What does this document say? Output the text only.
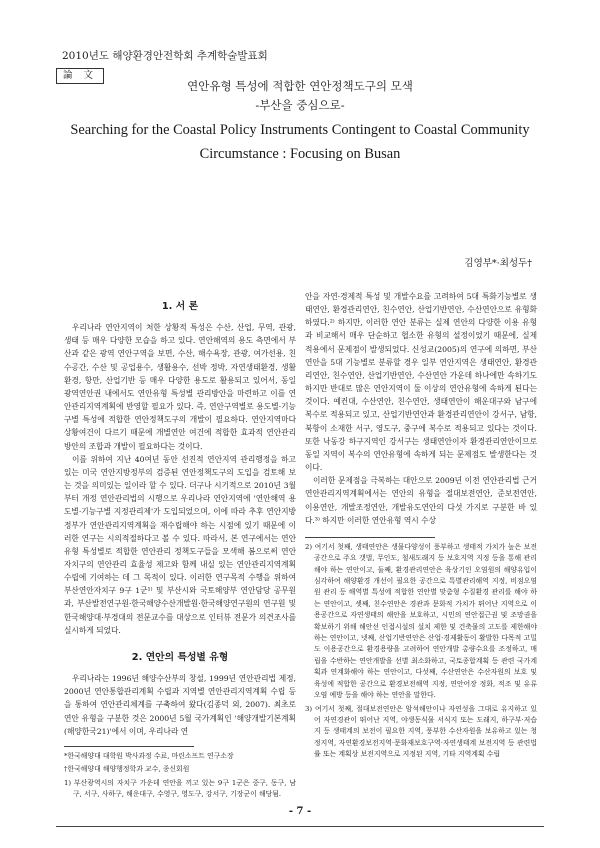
2010년도 해양환경안전학회 추계학술발표회
論 文
연안유형 특성에 적합한 연안정책도구의 모색
-부산을 중심으로-
Searching for the Coastal Policy Instruments Contingent to Coastal Community
Circumstance : Focusing on Busan
김영부*·최성두†
1. 서 론

우리나라 연안지역이 처한 상황적 특성은 수산, 산업, 무역, 관광, 생태 등 매우 다양한 모습을 하고 있다. 연안해역의 용도 측면에서 부산과 같은 광역 연안구역을 보면, 수산, 해수욕장, 관광, 여가선용, 친수공간, 수산 및 공업용수, 생활용수, 선박 정박, 자연생태환경, 생활환경, 항만, 산업기반 등 매우 다양한 용도로 활용되고 있어서, 동일 광역연안권 내에서도 연안유형 특성별 관리방안을 마련하고 이를 연안관리지역계획에 반영할 필요가 있다. 즉, 연안구역별로 용도별·기능구별 특성에 적합한 연안정책도구의 개발이 필요하다. 연안지역마다 상황여건이 다르기 때문에 개별연안 여건에 적합한 효과적 연안관리방안의 조합과 개발이 필요하다는 것이다.

이를 위하여 지난 40여년 동안 선진적 연안지역 관리행정을 하고 있는 미국 연안지방정부의 검증된 연안정책도구의 도입을 검토해 보는 것을 의미있는 일이라 할 수 있다. 더구나 시기적으로 2010년 3월부터 개정 연안관리법의 시행으로 우리나라 연안지역에 '연안해역 용도별·기능구별 지정관리제'가 도입되었으며, 이에 따라 추후 연안지방정부가 연안관리지역계획을 재수립해야 하는 시점에 있기 때문에 이러한 연구는 시의적절하다고 볼 수 있다. 따라서, 본 연구에서는 연안유형 특성별로 적합한 연안관리 정책도구들을 모색해 봄으로써 연안자치구의 연안관리 효율성 제고와 함께 내실 있는 연안관리지역계획 수립에 기여하는 데 그 목적이 있다. 이러한 연구목적 수행을 위하여 부산연안자치구 9구 1군¹⁾ 및 부산시와 국토해양부 연안담당 공무원과, 부산발전연구원·한국해양수산개발원·한국해양연구원의 연구원 및 한국해양대·부경대의 전문교수를 대상으로 인터뷰 전문가 의견조사를 실시하게 되었다.

2. 연안의 특성별 유형

우리나라는 1996년 해양수산부의 창설, 1999년 연안관리법 제정, 2000년 연안통합관리계획 수립과 지역별 연안관리지역계획 수립 등을 통하여 연안관리체계를 구축하여 왔다(김종덕 외, 2007). 최초로 연안 유형을 구분한 것은 2000년 5월 국가계획인 '해양개발기본계획(해양한국21)'에서 이며, 우리나라 연

*한국해양대 대학원 박사과정 수료, 마린소프트 연구소장

†한국해양대 해양행정학과 교수, 종신회원

1) 부산광역시의 자치구 가운데 연안을 끼고 있는 9구 1군은 중구, 동구, 남구, 서구, 사하구, 해운대구, 수영구, 영도구, 강서구, 기장군이 해당됨.

안을 자연·경제적 특성 및 개발수요를 고려하여 5대 특화기능별로 생태연안, 환경관리연안, 친수연안, 산업기반연안, 수산연안으로 유형화하였다.²⁾ 하지만, 이러한 연안 분류는 실제 연안의 다양한 이용 유형과 비교해서 매우 단순하고 협소한 유형의 설정이었기 때문에, 실제 적용에서 문제점이 발생되었다. 신성교(2005)의 연구에 의하면, 부산연안을 5대 기능별로 분류할 경우 일부 연안지역은 생태연안, 환경관리연안, 친수연안, 산업기반연안, 수산연안 가운데 하나에만 속하기도 하지만 반대로 많은 연안지역이 둘 이상의 연안유형에 속하게 된다는 것이다. 예컨대, 수산연안, 친수연안, 생태연안이 해운대구와 남구에 복수로 적용되고 있고, 산업기반연안과 환경관리연안이 강서구, 남항, 북항이 소재한 서구, 영도구, 중구에 복수로 적용되고 있다는 것이다. 또한 낙동강 하구지역인 강서구는 생태연안이자 환경관리연안이므로 동일 지역이 복수의 연안유형에 속하게 되는 문제점도 발생한다는 것이다.

이러한 문제점을 극복하는 대안으로 2009년 이전 연안관리법 근거 연안관리지역계획에서는 연안의 유형을 절대보전연안, 준보전연안, 이용연안, 개발조정연안, 개발유도연안의 다섯 가지로 구분한 바 있다.³⁾ 하지만 이러한 연안유형 역시 수상

2) 여기서 첫째, 생태연안은 생물다양성이 풍부하고 생태적 가치가 높은 보전공간으로 주요 갯벌, 무인도, 철새도래지 등 보호지역 지정 등을 통해 관리해야 하는 연안이고, 둘째, 환경관리연안은 육상기인 오염원의 해양유입이 심각하여 해양환경 개선이 필요한 공간으로 특별관리해역 지정, 비점오염원 관리 등 해역별 특성에 적합한 연안별 맞춤형 수질환경 관리를 해야 하는 연안이고, 셋째, 친수연안은 경관과 문화적 가치가 뛰어난 지역으로 이용공간으로 자연생태의 해안을 보호하고, 시민의 연안접근권 및 조망권을 확보하기 위해 해안선 인접시설의 설치 제한 및 건축물의 고도를 제한해야 하는 연안이고, 넷째, 산업기반연안은 산업·경제활동이 활발한 다목적 고밀도 이용공간으로 환경용량을 고려하여 연안개발 총량수요를 조정하고, 매립을 수반하는 연안개발을 선별 최소화하고, 국토종합계획 등 관련 국가계획과 연계화해야 하는 연안이고, 다섯째, 수산연안은 수산자원의 보호 및 육성에 적합한 공간으로 환경보전해역 지정, 연안어장 정화, 적조 및 유류오염 예방 등을 해야 하는 연안을 말한다.

3) 여기서 첫째, 절대보전연안은 암석해안이나 자연성을 그대로 유지하고 있어 자연경관이 뛰어난 지역, 야생동식물 서식지 또는 도래지, 하구부·저습지 등 생태계의 보전이 필요한 지역, 풍부한 수산자원을 보유하고 있는 청정지역, 자연환경보전지역·문화재보호구역·자연생태계 보전지역 등 관련법률 또는 계획상 보전지역으로 지정된 지역, 기타 지역계획 수립

- 7 -
